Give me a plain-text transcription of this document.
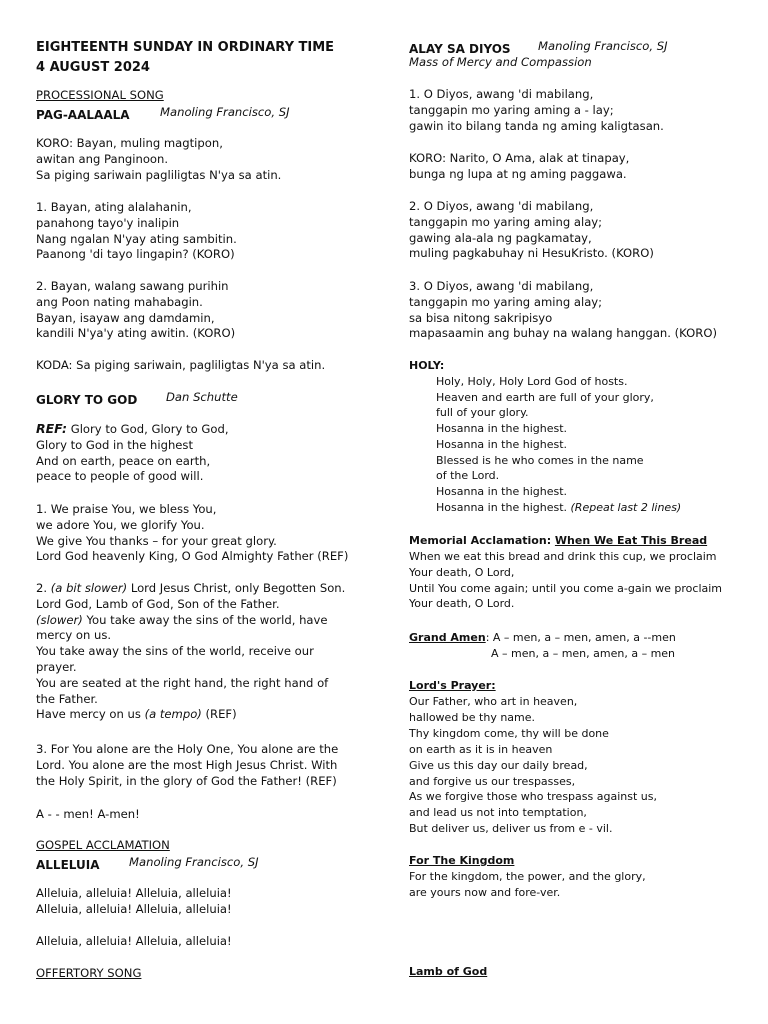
EIGHTEENTH SUNDAY IN ORDINARY TIME
4 AUGUST 2024
PROCESSIONAL SONG
PAG-AALAALA	Manoling Francisco, SJ
KORO: Bayan, muling magtipon,
awitan ang Panginoon.
Sa piging sariwain pagliligtas N'ya sa atin.
1. Bayan, ating alalahanin,
panahong tayo'y inalipin
Nang ngalan N'yay ating sambitin.
Paanong 'di tayo lingapin? (KORO)
2. Bayan, walang sawang purihin
ang Poon nating mahabagin.
Bayan, isayaw ang damdamin,
kandili N'ya'y ating awitin. (KORO)
KODA: Sa piging sariwain, pagliligtas N'ya sa atin.
GLORY TO GOD Dan Schutte
REF: Glory to God, Glory to God,
Glory to God in the highest
And on earth, peace on earth,
peace to people of good will.
1. We praise You, we bless You,
we adore You, we glorify You.
We give You thanks – for your great glory.
Lord God heavenly King, O God Almighty Father (REF)
2. (a bit slower) Lord Jesus Christ, only Begotten Son.
Lord God, Lamb of God, Son of the Father.
(slower) You take away the sins of the world, have
mercy on us.
You take away the sins of the world, receive our
prayer.
You are seated at the right hand, the right hand of
the Father.
Have mercy on us (a tempo) (REF)
3. For You alone are the Holy One, You alone are the
Lord. You alone are the most High Jesus Christ. With
the Holy Spirit, in the glory of God the Father! (REF)
A - - men! A-men!
GOSPEL ACCLAMATION
ALLELUIA	Manoling Francisco, SJ
Alleluia, alleluia! Alleluia, alleluia!
Alleluia, alleluia! Alleluia, alleluia!
Alleluia, alleluia! Alleluia, alleluia!
OFFERTORY SONG
ALAY SA DIYOS Manoling Francisco, SJ
Mass of Mercy and Compassion
1. O Diyos, awang 'di mabilang,
tanggapin mo yaring aming a - lay;
gawin ito bilang tanda ng aming kaligtasan.
KORO: Narito, O Ama, alak at tinapay,
bunga ng lupa at ng aming paggawa.
2. O Diyos, awang 'di mabilang,
tanggapin mo yaring aming alay;
gawing ala-ala ng pagkamatay,
muling pagkabuhay ni HesuKristo. (KORO)
3. O Diyos, awang 'di mabilang,
tanggapin mo yaring aming alay;
sa bisa nitong sakripisyo
mapasaamin ang buhay na walang hanggan. (KORO)
HOLY:
Holy, Holy, Holy Lord God of hosts.
Heaven and earth are full of your glory,
full of your glory.
Hosanna in the highest.
Hosanna in the highest.
Blessed is he who comes in the name
of the Lord.
Hosanna in the highest.
Hosanna in the highest. (Repeat last 2 lines)
Memorial Acclamation: When We Eat This Bread
When we eat this bread and drink this cup, we proclaim
Your death, O Lord,
Until You come again; until you come a-gain we proclaim
Your death, O Lord.
Grand Amen: A – men, a – men, amen, a --men
A – men, a – men, amen, a – men
Lord's Prayer:
Our Father, who art in heaven,
hallowed be thy name.
Thy kingdom come, thy will be done
on earth as it is in heaven
Give us this day our daily bread,
and forgive us our trespasses,
As we forgive those who trespass against us,
and lead us not into temptation,
But deliver us, deliver us from e - vil.
For The Kingdom
For the kingdom, the power, and the glory,
are yours now and fore-ver.
Lamb of God
